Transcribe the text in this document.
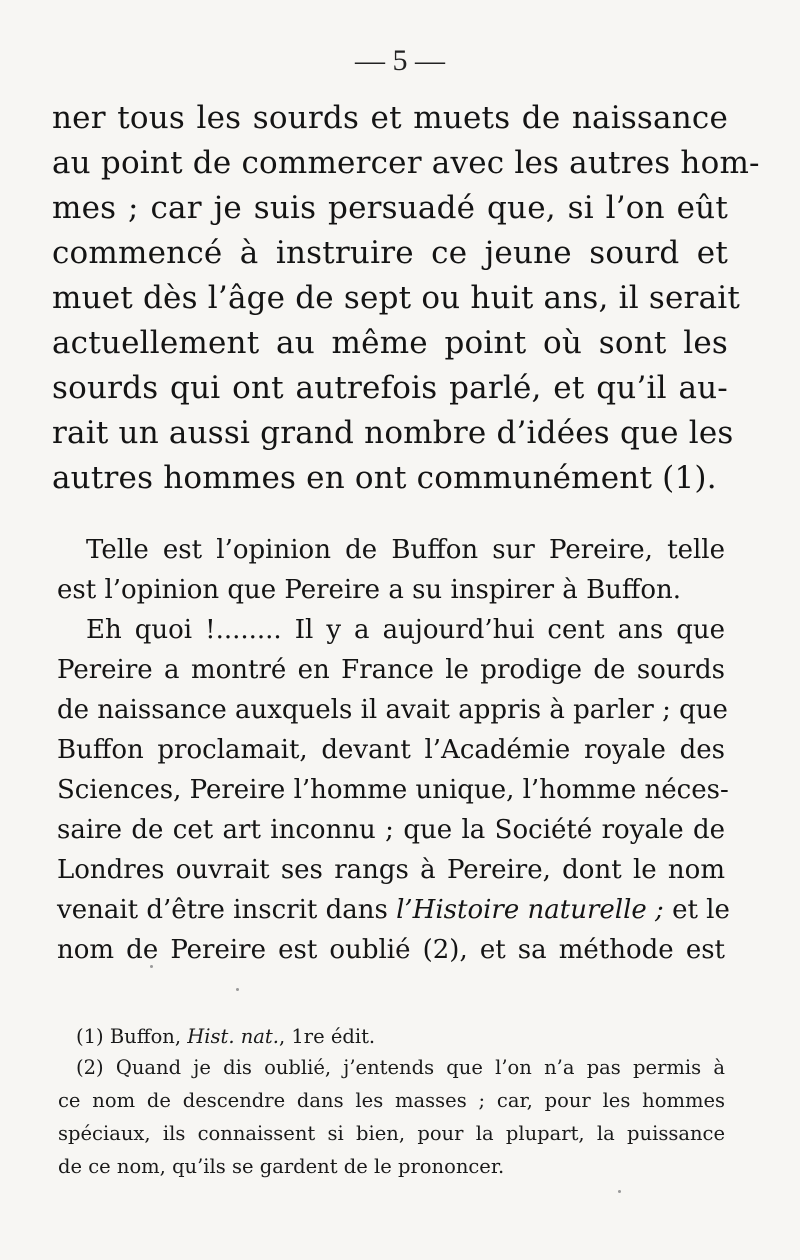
— 5 —
ner tous les sourds et muets de naissance
au point de commercer avec les autres hom-
mes ; car je suis persuadé que, si l’on eût
commencé à instruire ce jeune sourd et
muet dès l’âge de sept ou huit ans, il serait
actuellement au même point où sont les
sourds qui ont autrefois parlé, et qu’il au-
rait un aussi grand nombre d’idées que les
autres hommes en ont communément (1).
Telle est l’opinion de Buffon sur Pereire, telle
est l’opinion que Pereire a su inspirer à Buffon.
Eh quoi !........ Il y a aujourd’hui cent ans que
Pereire a montré en France le prodige de sourds
de naissance auxquels il avait appris à parler ; que
Buffon proclamait, devant l’Académie royale des
Sciences, Pereire l’homme unique, l’homme néces-
saire de cet art inconnu ; que la Société royale de
Londres ouvrait ses rangs à Pereire, dont le nom
venait d’être inscrit dans l’Histoire naturelle ; et le
nom de Pereire est oublié (2), et sa méthode est
(1) Buffon, Hist. nat., 1re édit.
(2) Quand je dis oublié, j’entends que l’on n’a pas permis à
ce nom de descendre dans les masses ; car, pour les hommes
spéciaux, ils connaissent si bien, pour la plupart, la puissance
de ce nom, qu’ils se gardent de le prononcer.
